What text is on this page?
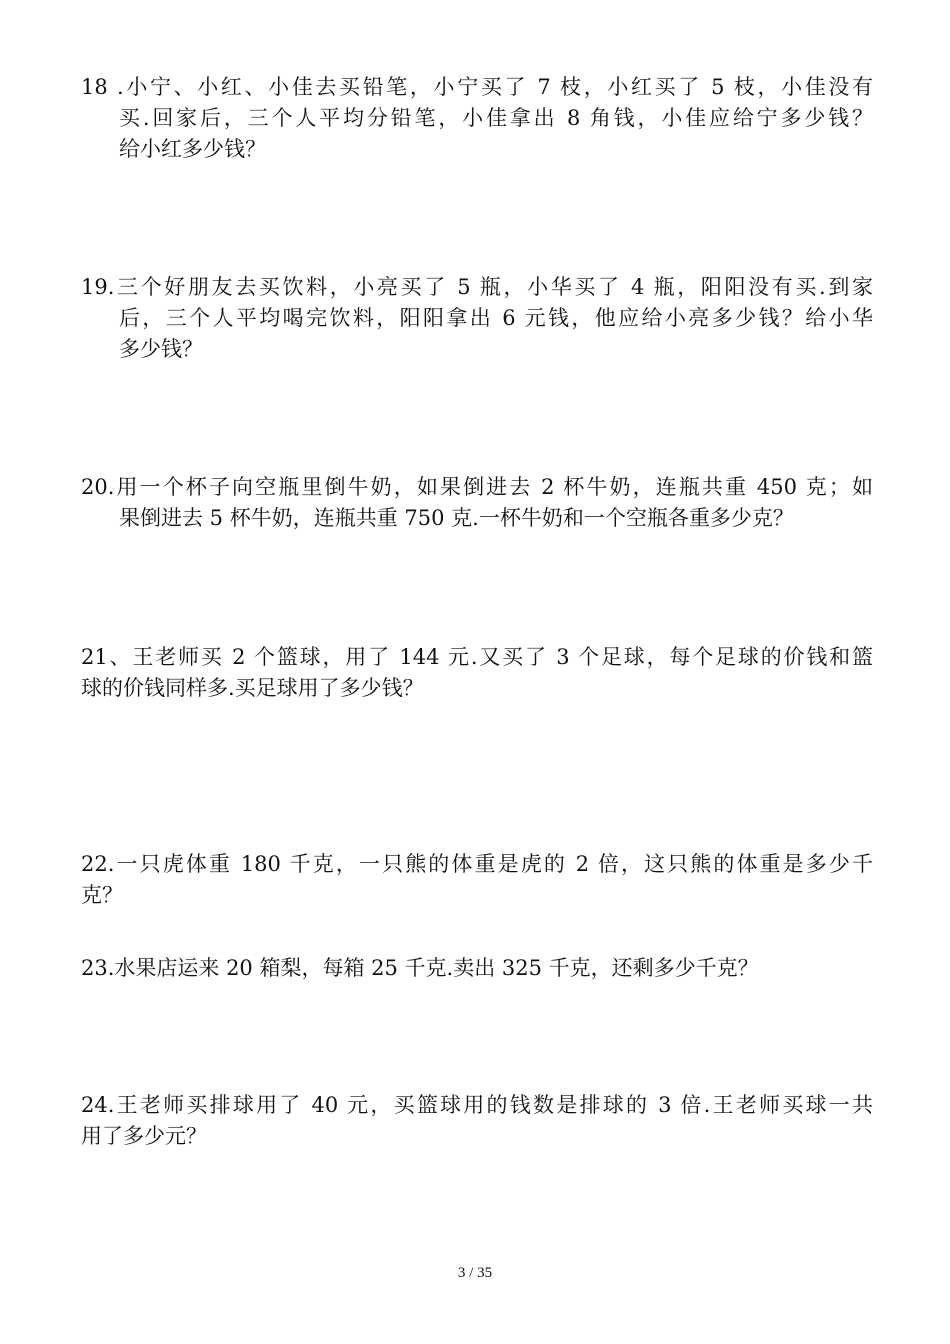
18 .小宁、小红、小佳去买铅笔，小宁买了 7 枝，小红买了 5 枝，小佳没有
买.回家后，三个人平均分铅笔，小佳拿出 8 角钱，小佳应给宁多少钱？
给小红多少钱？
19.三个好朋友去买饮料，小亮买了 5 瓶，小华买了 4 瓶，阳阳没有买.到家
后，三个人平均喝完饮料，阳阳拿出 6 元钱，他应给小亮多少钱？给小华
多少钱？
20.用一个杯子向空瓶里倒牛奶，如果倒进去 2 杯牛奶，连瓶共重 450 克；如
果倒进去 5 杯牛奶，连瓶共重 750 克.一杯牛奶和一个空瓶各重多少克？
21、王老师买 2 个篮球，用了 144 元.又买了 3 个足球，每个足球的价钱和篮
球的价钱同样多.买足球用了多少钱？
22.一只虎体重 180 千克，一只熊的体重是虎的 2 倍，这只熊的体重是多少千
克？
23.水果店运来 20 箱梨，每箱 25 千克.卖出 325 千克，还剩多少千克？
24.王老师买排球用了 40 元，买篮球用的钱数是排球的 3 倍.王老师买球一共
用了多少元？
3 / 35
